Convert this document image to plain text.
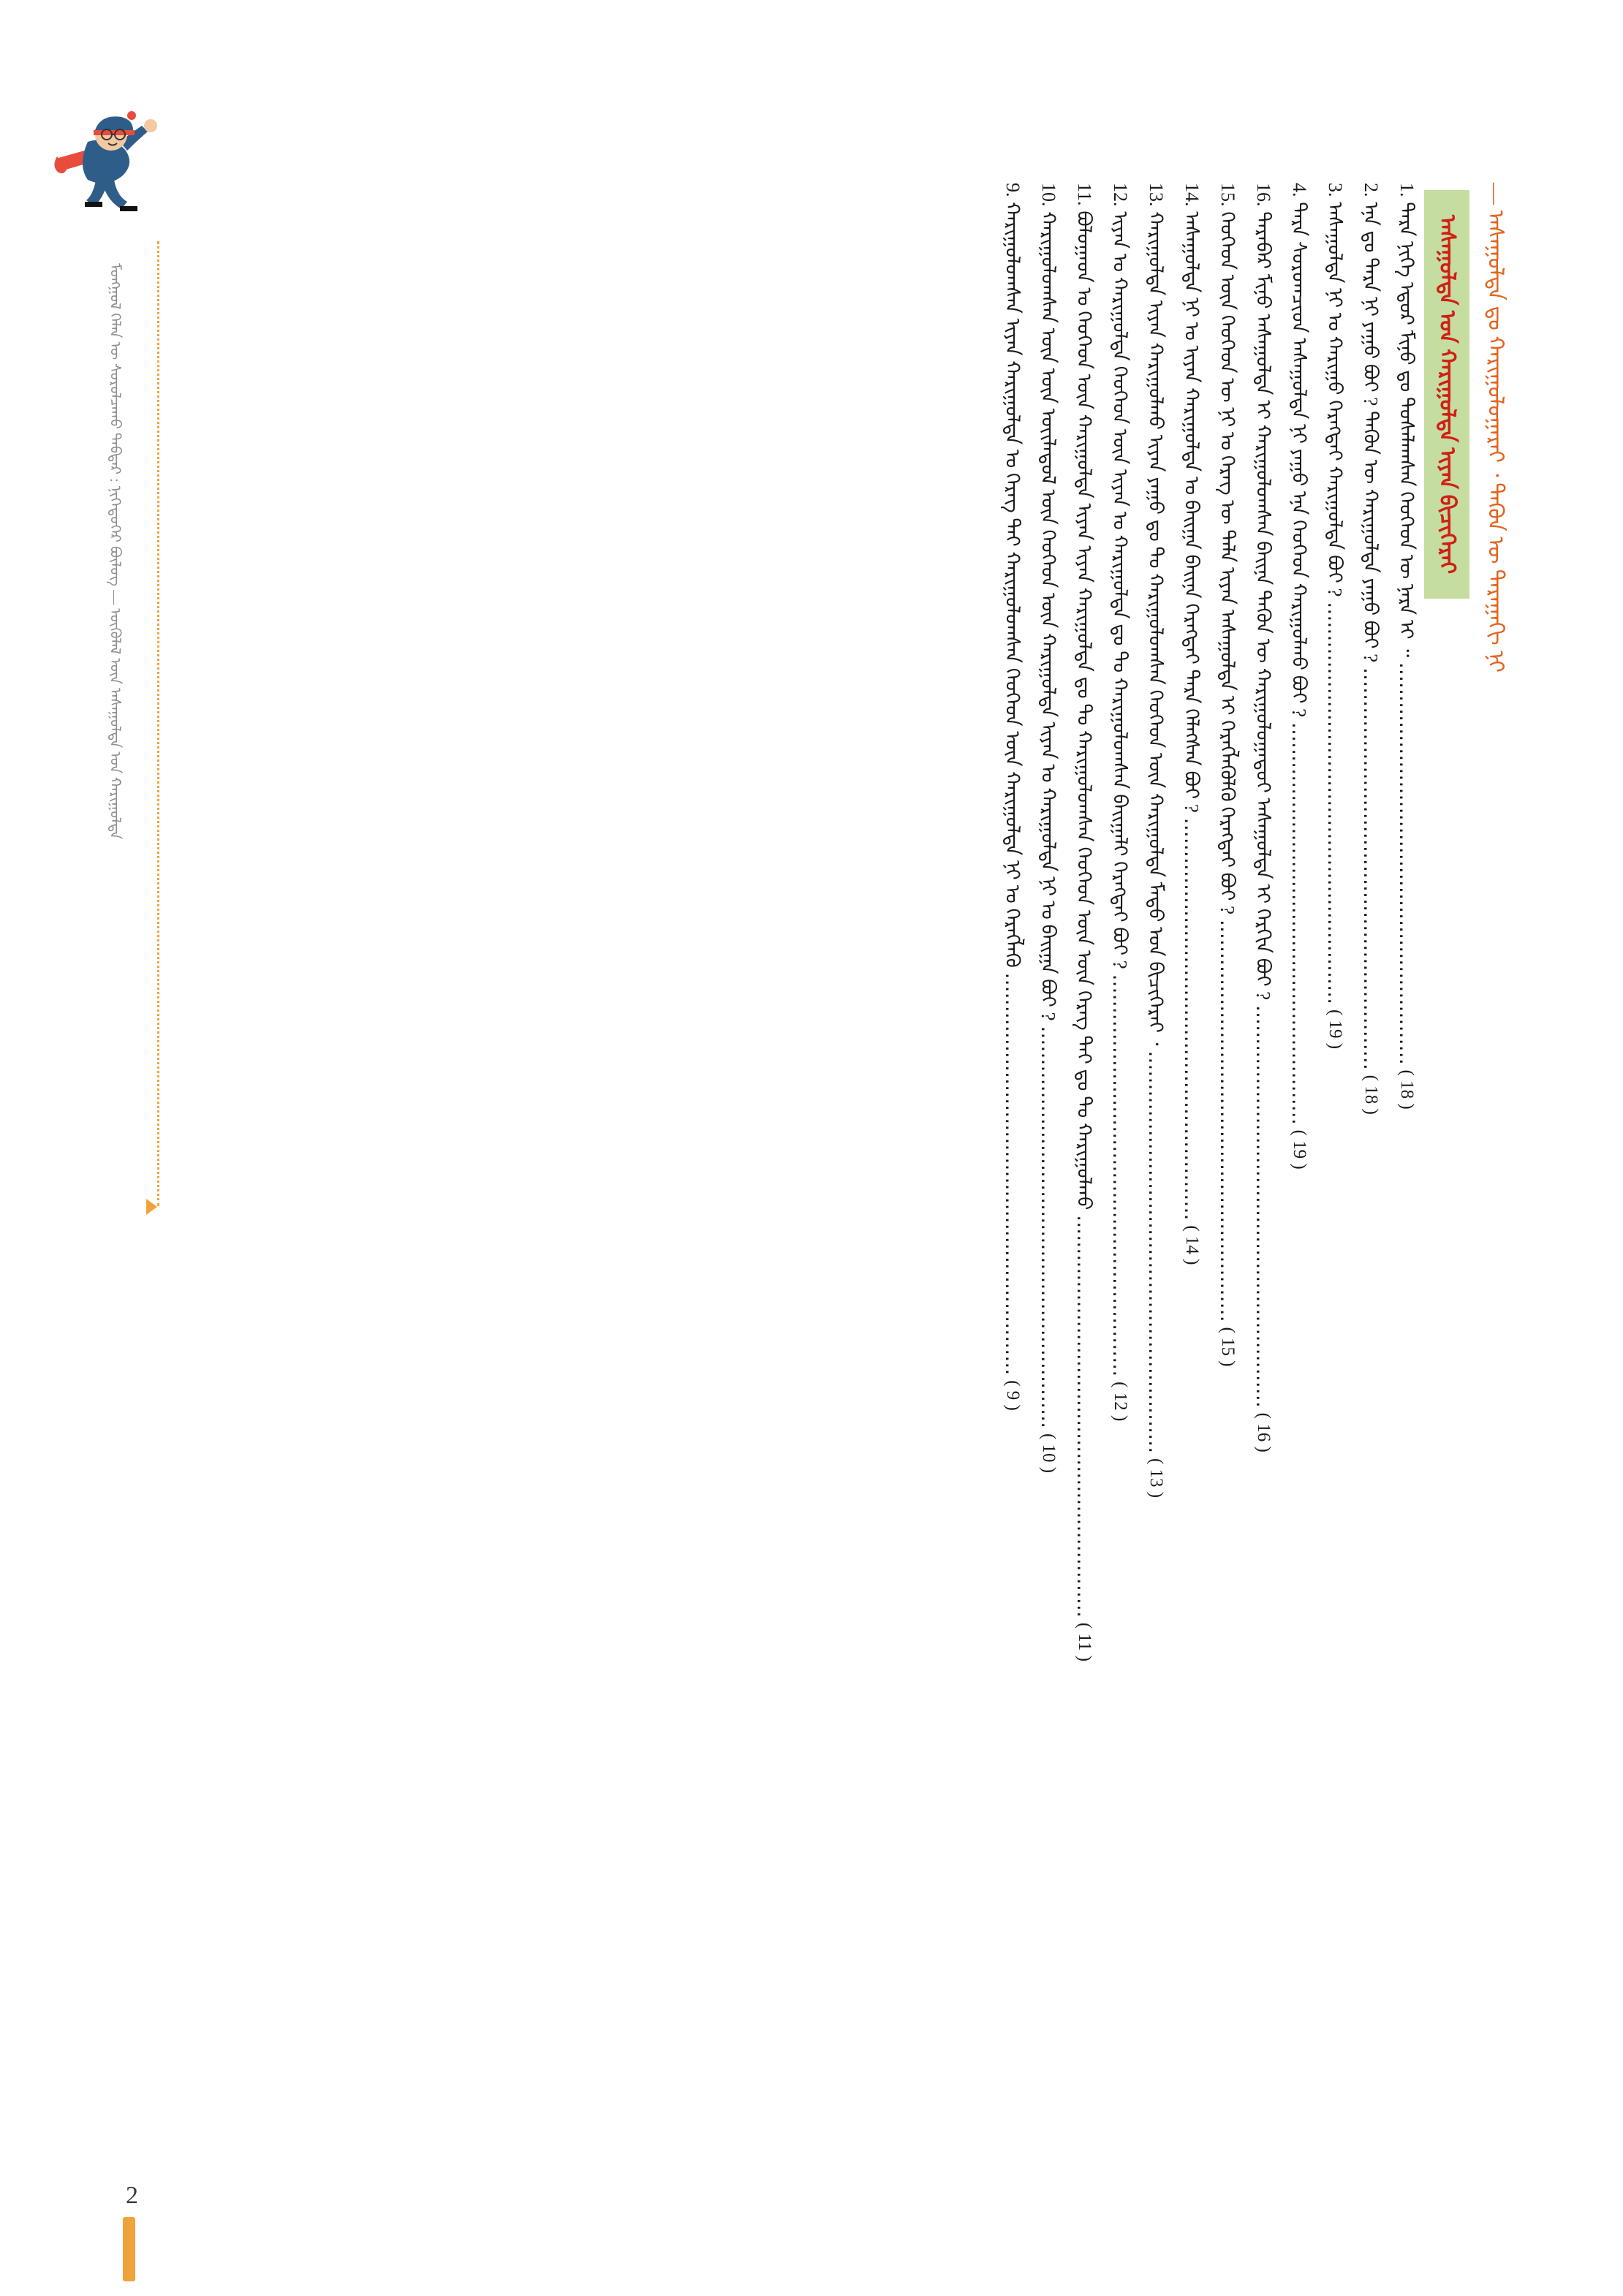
ᠮᠣᠩᠭᠣᠯ ᠬᠡᠯᠡᠨ ᠦ ᠰᠤᠷᠤᠯᠴᠠᠬᠤ ᠳᠡᠪᠲᠡᠷ : ᠨᠢᠭᠡᠳᠦᠭᠡᠷ ᠪᠦᠯᠦᠭ — ᠥᠭᠥᠯᠡᠯ ᠦᠨ ᠠᠰᠠᠭᠤᠯᠲᠠ ᠤᠨ ᠬᠠᠷᠢᠭᠤᠯᠲᠠ	— ᠠᠰᠠᠭᠤᠯᠲᠠ ᠳᠤ ᠬᠠᠷᠢᠭᠤᠯᠤᠭᠠᠷᠠᠢ ᠂ ᠲᠡᠭᠦᠨ ᠦ ᠳᠠᠷᠠᠭᠠᠬᠢ ᠨᠢ
ᠠᠰᠠᠭᠤᠯᠲᠠ ᠤᠨ ᠬᠠᠷᠢᠭᠤᠯᠲᠠ ᠢᠶᠠᠨ ᠪᠢᠴᠢᠭᠡᠷᠡᠢ
1. ᠲᠡᠷᠡ ᠨᠢᠭᠡ ᠡᠳᠦᠷ ᠮᠢᠨᠦ ᠳᠤ ᠲᠤᠰᠠᠯᠠᠭᠰᠠᠨ ᠬᠡᠦᠬᠡᠳ ᠦ ᠨᠡᠷᠡ ᠢ ᠃ ․․․․․․․․․․․․․․․․․․․․․․․․․․․․․․․․․․․․․․․․․․․․․․․․․․․․․․․․․․․․․ ( 18 )
2. ᠡᠨᠡ ᠳᠤ ᠲᠡᠷᠡ ᠨᠢ ᠶᠠᠭᠤ ᠪᠤᠢ ? ᠲᠡᠭᠦᠨ ᠦ ᠬᠠᠷᠢᠭᠤᠯᠲᠠ ᠶᠠᠭᠤ ᠪᠤᠢ ? ․․․․․․․․․․․․․․․․․․․․․․․․․․․․․․․․․․․․․․․․․․․․․․․․․․․․․․․․․․․․․ ( 18 )
3. ᠠᠰᠠᠭᠤᠯᠲᠠ ᠨᠢ ᠤ ᠬᠠᠷᠢᠭᠤ ᠬᠡᠷᠡᠭᠲᠡᠢ ᠬᠠᠷᠢᠭᠤᠯᠲᠠ ᠪᠤᠢ ? ․․․․․․․․․․․․․․․․․․․․․․․․․․․․․․․․․․․․․․․․․․․․․․․․․․․․․․․․․․․․․ ( 19 )
4. ᠲᠡᠷᠡ ᠰᠤᠷᠤᠭᠴᠢᠳ ᠠᠰᠠᠭᠤᠯᠲᠠ ᠨᠢ ᠶᠠᠭᠤ ᠡᠨᠡ ᠬᠡᠦᠬᠡᠳ ᠬᠠᠷᠢᠭᠤᠯᠬᠤ ᠪᠤᠢ ? ․․․․․․․․․․․․․․․․․․․․․․․․․․․․․․․․․․․․․․․․․․․․․․․․․․․․․․․․․․․․․ ( 19 )
16. ᠲᠡᠷᠡᠪᠡᠷ ᠮᠢᠨᠦ ᠠᠰᠠᠭᠤᠯᠲᠠ ᠢ ᠬᠠᠷᠢᠭᠤᠯᠤᠭᠰᠠᠨ ᠪᠠᠢᠨᠠ ᠲᠡᠭᠦᠨ ᠦ ᠬᠠᠷᠢᠭᠤᠯᠤᠭᠠᠳᠤᠢ ᠠᠰᠠᠭᠤᠯᠲᠠ ᠢ ᠬᠡᠷᠬᠢᠨ ᠪᠤᠢ ? ․․․․․․․․․․․․․․․․․․․․․․․․․․․․․․․․․․․․․․․․․․․․․․․․․․․․․․․․․․․․․ ( 16 )
15. ᠬᠡᠦᠬᠡᠳ ᠦᠨ ᠬᠡᠦᠬᠡᠳ ᠦ ᠨᠢ ᠤ ᠬᠡᠷᠡᠭ ᠦ ᠲᠠᠯᠠ ᠢᠶᠠᠨ ᠠᠰᠠᠭᠤᠯᠲᠠ ᠢ ᠬᠡᠷᠡᠭᠯᠡᠭᠦᠯᠬᠦ ᠬᠡᠷᠡᠭᠲᠡᠢ ᠪᠤᠢ ? ․․․․․․․․․․․․․․․․․․․․․․․․․․․․․․․․․․․․․․․․․․․․․․․․․․․․․․․․․․․․․ ( 15 )
14. ᠠᠰᠠᠭᠤᠯᠲᠠ ᠨᠢ ᠤ ᠢᠶᠠᠨ ᠬᠠᠷᠢᠭᠤᠯᠲᠠ ᠤ ᠪᠠᠢᠭᠠ ᠪᠠᠢᠨᠠ ᠬᠡᠷᠡᠭᠲᠡᠢ ᠲᠡᠷᠡ ᠬᠡᠯᠡᠭᠰᠡᠨ ᠪᠤᠢ ? ․․․․․․․․․․․․․․․․․․․․․․․․․․․․․․․․․․․․․․․․․․․․․․․․․․․․․․․․․․․․․ ( 14 )
13. ᠬᠠᠷᠢᠭᠤᠯᠲᠠ ᠢᠶᠠᠨ ᠬᠠᠷᠢᠭᠤᠯᠬᠤ ᠢᠶᠠᠨ ᠶᠠᠭᠤ ᠳᠤ ᠲᠤ ᠬᠠᠷᠢᠭᠤᠯᠤᠭᠰᠠᠨ ᠬᠡᠦᠬᠡᠳ ᠦᠨ ᠬᠠᠷᠢᠭᠤᠯᠲᠠ ᠮᠡᠳᠦ ᠤᠨ ᠪᠢᠴᠢᠭᠡᠷᠡᠢ ᠂ ․․․․․․․․․․․․․․․․․․․․․․․․․․․․․․․․․․․․․․․․․․․․․․․․․․․․․․․․․․․․․ ( 13 )
12. ᠢᠶᠠᠨ ᠤ ᠬᠠᠷᠢᠭᠤᠯᠲᠠ ᠬᠡᠦᠬᠡᠳ ᠦᠨ ᠢᠶᠠᠨ ᠤ ᠬᠠᠷᠢᠭᠤᠯᠲᠠ ᠳᠤ ᠲᠤ ᠬᠠᠷᠢᠭᠤᠯᠤᠭᠰᠠᠨ ᠪᠠᠢᠭᠠᠯᠢ ᠬᠡᠷᠡᠭᠲᠡᠢ ᠪᠤᠢ ? ․․․․․․․․․․․․․․․․․․․․․․․․․․․․․․․․․․․․․․․․․․․․․․․․․․․․․․․․․․․․․ ( 12 )
11. ᠪᠤᠯᠤᠭᠠᠳ ᠤ ᠬᠡᠦᠬᠡᠳ ᠦᠨ ᠬᠠᠷᠢᠭᠤᠯᠲᠠ ᠢᠶᠠᠨ ᠢᠶᠠᠨ ᠬᠠᠷᠢᠭᠤᠯᠲᠠ ᠳᠤ ᠲᠤ ᠬᠠᠷᠢᠭᠤᠯᠤᠭᠰᠠᠨ ᠬᠡᠦᠬᠡᠳ ᠦᠨ ᠦᠨ ᠬᠡᠷᠡᠭ ᠲᠡᠢ ᠳᠤ ᠲᠤ ᠬᠠᠷᠢᠭᠤᠯᠬᠤ ․․․․․․․․․․․․․․․․․․․․․․․․․․․․․․․․․․․․․․․․․․․․․․․․․․․․․․․․․․․․․ ( 11 )
10. ᠬᠠᠷᠢᠭᠤᠯᠤᠭᠰᠠᠨ ᠦᠨ ᠦᠨ ᠦᠢᠯᠡᠳᠦᠯ ᠦᠨ ᠬᠡᠦᠬᠡᠳ ᠦᠨ ᠬᠠᠷᠢᠭᠤᠯᠲᠠ ᠢᠶᠠᠨ ᠤ ᠬᠠᠷᠢᠭᠤᠯᠲᠠ ᠨᠢ ᠤ ᠪᠠᠢᠭᠠ ᠪᠤᠢ ? ․․․․․․․․․․․․․․․․․․․․․․․․․․․․․․․․․․․․․․․․․․․․․․․․․․․․․․․․․․․․․ ( 10 )
9. ᠬᠠᠷᠢᠭᠤᠯᠤᠭᠰᠠᠨ ᠢᠶᠠᠨ ᠬᠠᠷᠢᠭᠤᠯᠲᠠ ᠤ ᠬᠡᠷᠡᠭ ᠲᠡᠢ ᠬᠠᠷᠢᠭᠤᠯᠤᠭᠰᠠᠨ ᠬᠡᠦᠬᠡᠳ ᠦᠨ ᠬᠠᠷᠢᠭᠤᠯᠲᠠ ᠨᠢ ᠤ ᠬᠡᠷᠡᠭᠯᠡᠬᠦ ․․․․․․․․․․․․․․․․․․․․․․․․․․․․․․․․․․․․․․․․․․․․․․․․․․․․․․․․․․․․․ ( 9 )
2
